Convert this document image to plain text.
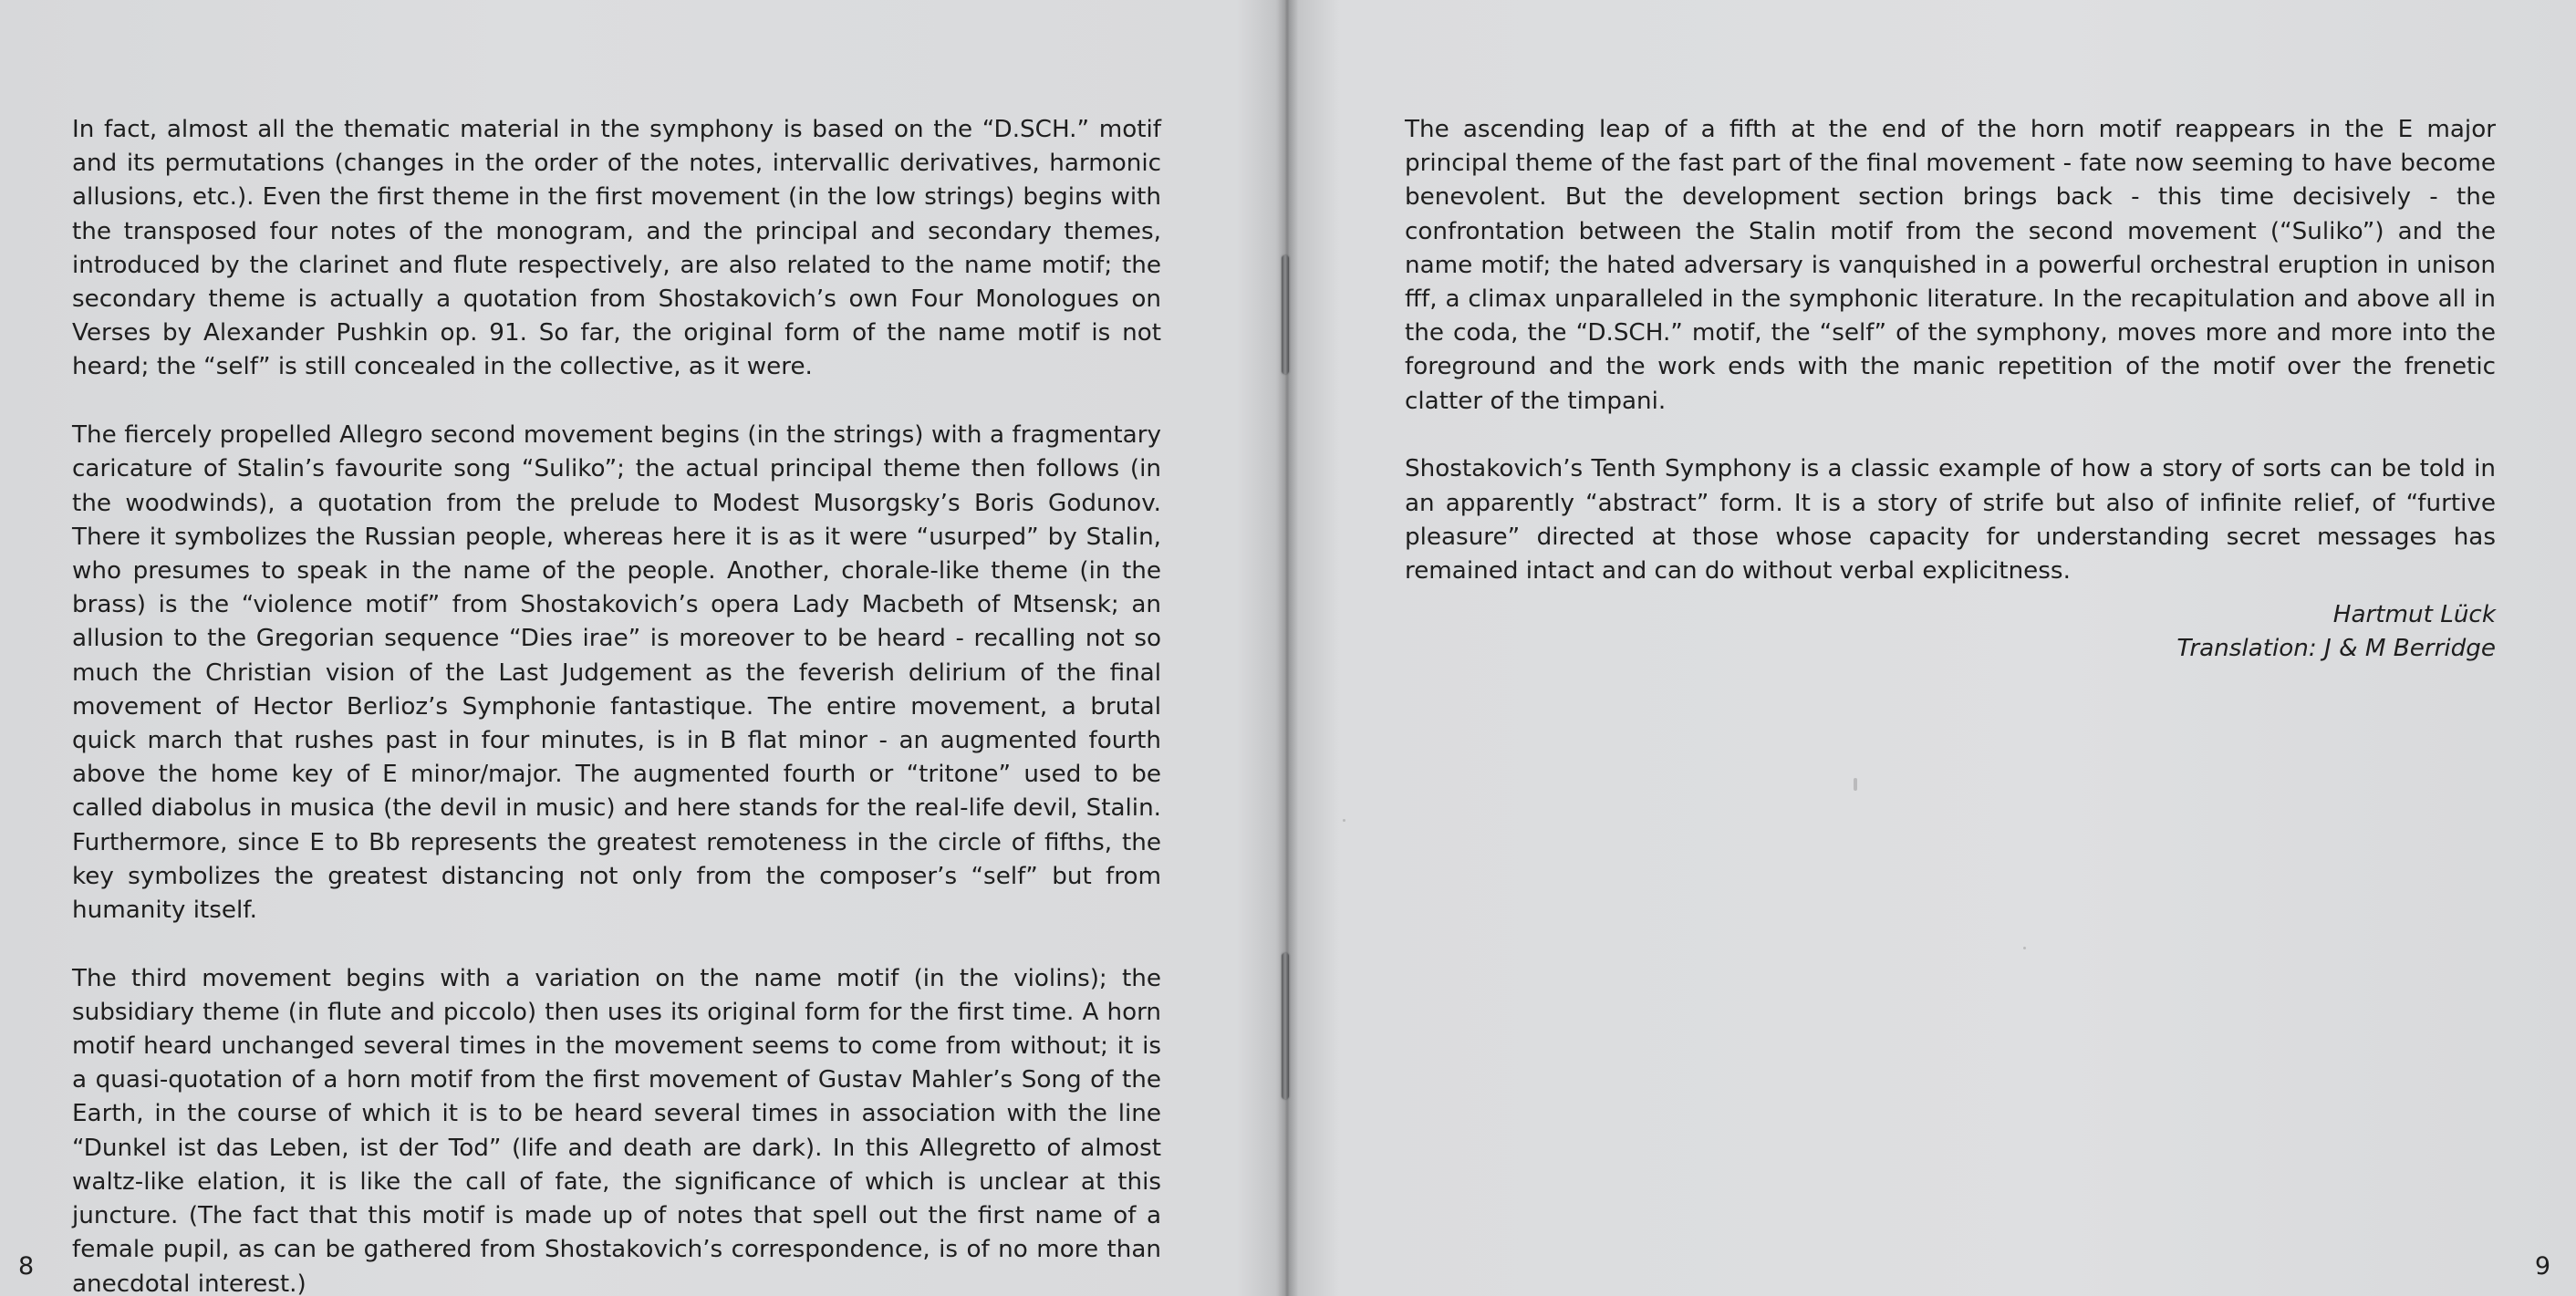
In fact, almost all the thematic material in the symphony is based on the “D.SCH.” motif and its permutations (changes in the order of the notes, intervallic derivatives, harmonic allusions, etc.). Even the first theme in the first movement (in the low strings) begins with the transposed four notes of the monogram, and the principal and secondary themes, introduced by the clarinet and flute respectively, are also related to the name motif; the secondary theme is actually a quotation from Shostakovich’s own Four Monologues on Verses by Alexander Pushkin op. 91. So far, the original form of the name motif is not heard; the “self” is still concealed in the collective, as it were.

The fiercely propelled Allegro second movement begins (in the strings) with a fragmentary caricature of Stalin’s favourite song “Suliko”; the actual principal theme then follows (in the woodwinds), a quotation from the prelude to Modest Musorgsky’s Boris Godunov. There it symbolizes the Russian people, whereas here it is as it were “usurped” by Stalin, who presumes to speak in the name of the people. Another, chorale-like theme (in the brass) is the “violence motif” from Shostakovich’s opera Lady Macbeth of Mtsensk; an allusion to the Gregorian sequence “Dies irae” is moreover to be heard - recalling not so much the Christian vision of the Last Judgement as the feverish delirium of the final movement of Hector Berlioz’s Symphonie fantastique. The entire movement, a brutal quick march that rushes past in four minutes, is in B flat minor - an augmented fourth above the home key of E minor/major. The augmented fourth or “tritone” used to be called diabolus in musica (the devil in music) and here stands for the real-life devil, Stalin. Furthermore, since E to Bb represents the greatest remoteness in the circle of fifths, the key symbolizes the greatest distancing not only from the composer’s “self” but from humanity itself.

The third movement begins with a variation on the name motif (in the violins); the subsidiary theme (in flute and piccolo) then uses its original form for the first time. A horn motif heard unchanged several times in the movement seems to come from without; it is a quasi-quotation of a horn motif from the first movement of Gustav Mahler’s Song of the Earth, in the course of which it is to be heard several times in association with the line “Dunkel ist das Leben, ist der Tod” (life and death are dark). In this Allegretto of almost waltz-like elation, it is like the call of fate, the significance of which is unclear at this juncture. (The fact that this motif is made up of notes that spell out the first name of a female pupil, as can be gathered from Shostakovich’s correspondence, is of no more than anecdotal interest.)

8

The ascending leap of a fifth at the end of the horn motif reappears in the E major principal theme of the fast part of the final movement - fate now seeming to have become benevolent. But the development section brings back - this time decisively - the confrontation between the Stalin motif from the second movement (“Suliko”) and the name motif; the hated adversary is vanquished in a powerful orchestral eruption in unison fff, a climax unparalleled in the symphonic literature. In the recapitulation and above all in the coda, the “D.SCH.” motif, the “self” of the symphony, moves more and more into the foreground and the work ends with the manic repetition of the motif over the frenetic clatter of the timpani.

Shostakovich’s Tenth Symphony is a classic example of how a story of sorts can be told in an apparently “abstract” form. It is a story of strife but also of infinite relief, of “furtive pleasure” directed at those whose capacity for understanding secret messages has remained intact and can do without verbal explicitness.

Hartmut Lück
Translation: J & M Berridge
9
